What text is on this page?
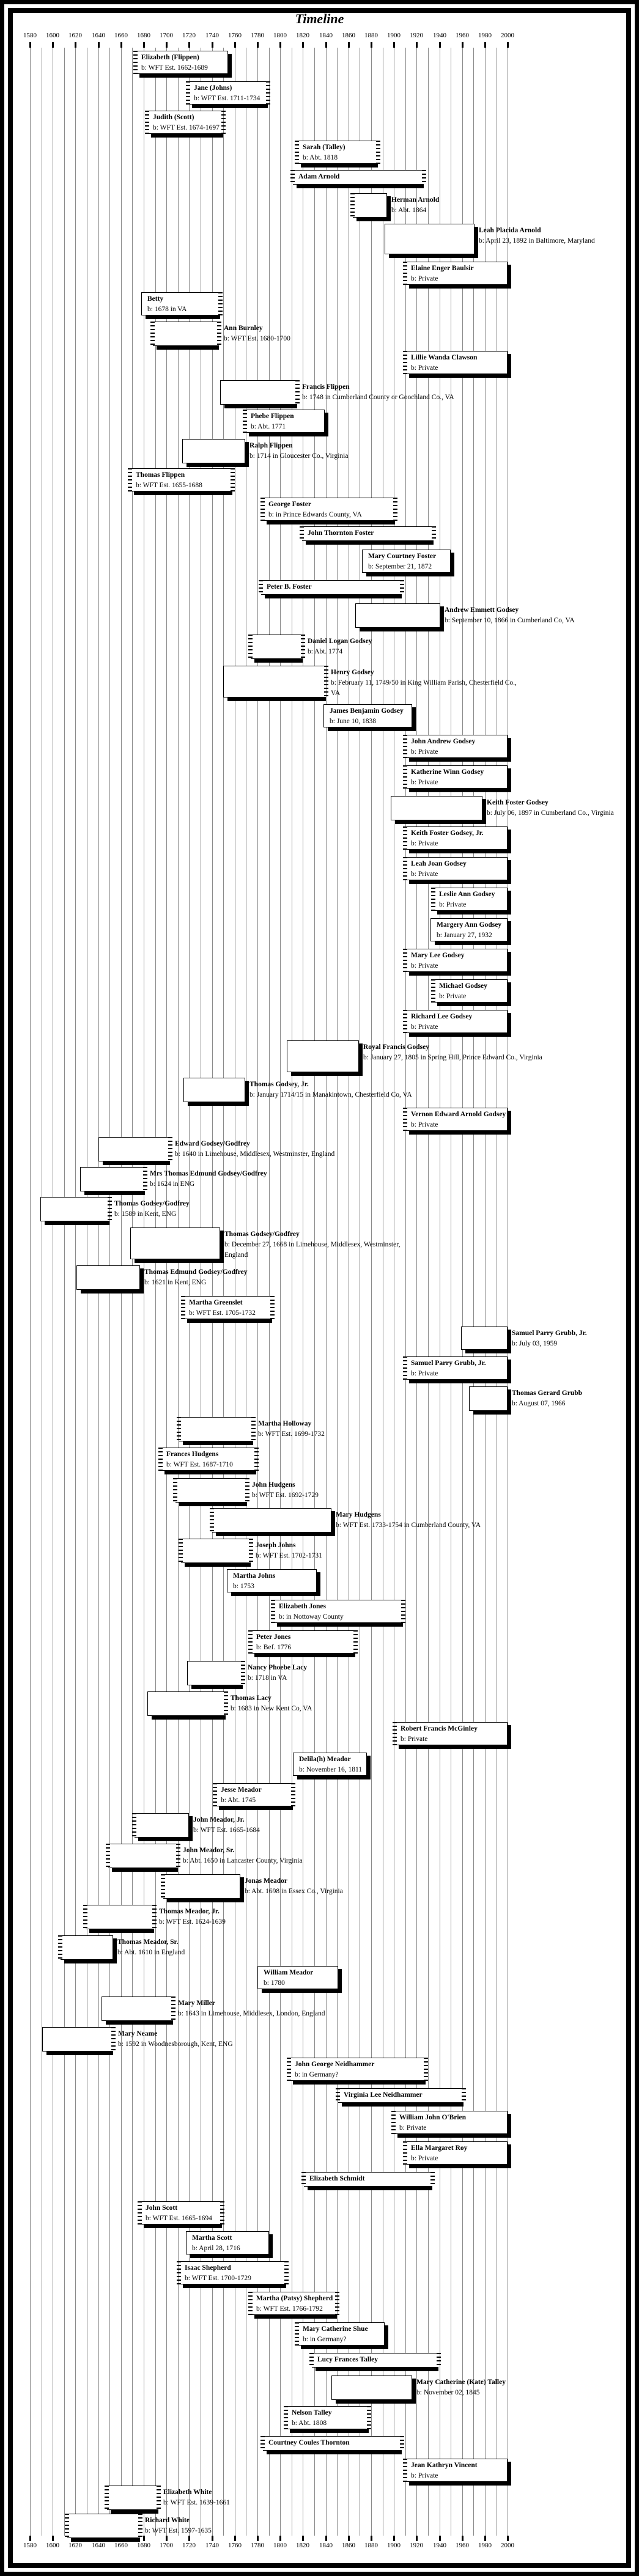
1580
1580
1600
1600
1620
1620
1640
1640
1660
1660
1680
1680
1700
1700
1720
1720
1740
1740
1760
1760
1780
1780
1800
1800
1820
1820
1840
1840
1860
1860
1880
1880
1900
1900
1920
1920
1940
1940
1960
1960
1980
1980
2000
2000
Elizabeth (Flippen)
b: WFT Est. 1662-1689
Jane (Johns)
b: WFT Est. 1711-1734
Judith (Scott)
b: WFT Est. 1674-1697
Sarah (Talley)
b: Abt. 1818
Adam Arnold
Herman Arnold
b: Abt. 1864
Leah Placida Arnold
b: April 23, 1892 in Baltimore, Maryland
Elaine Enger Baulsir
b: Private
Betty
b: 1678 in VA
Ann Burnley
b: WFT Est. 1680-1700
Lillie Wanda Clawson
b: Private
Francis Flippen
b: 1748 in Cumberland County or Goochland Co., VA
Phebe Flippen
b: Abt. 1771
Ralph Flippen
b: 1714 in Gloucester Co., Virginia
Thomas Flippen
b: WFT Est. 1655-1688
George Foster
b: in Prince Edwards County, VA
John Thornton Foster
Mary Courtney Foster
b: September 21, 1872
Peter B. Foster
Andrew Emmett Godsey
b: September 10, 1866 in Cumberland Co, VA
Daniel Logan Godsey
b: Abt. 1774
Henry Godsey
b: February 11, 1749/50 in King William Parish, Chesterfield Co., VA
James Benjamin Godsey
b: June 10, 1838
John Andrew Godsey
b: Private
Katherine Winn Godsey
b: Private
Keith Foster Godsey
b: July 06, 1897 in Cumberland Co., Virginia
Keith Foster Godsey, Jr.
b: Private
Leah Joan Godsey
b: Private
Leslie Ann Godsey
b: Private
Margery Ann Godsey
b: January 27, 1932
Mary Lee Godsey
b: Private
Michael Godsey
b: Private
Richard Lee Godsey
b: Private
Royal Francis Godsey
b: January 27, 1805 in Spring Hill, Prince Edward Co., Virginia
Thomas Godsey, Jr.
b: January 1714/15 in Manakintown, Chesterfield Co, VA
Vernon Edward Arnold Godsey
b: Private
Edward Godsey/Godfrey
b: 1640 in Limehouse, Middlesex, Westminster, England
Mrs Thomas Edmund Godsey/Godfrey
b: 1624 in ENG
Thomas Godsey/Godfrey
b: 1589 in Kent, ENG
Thomas Godsey/Godfrey
b: December 27, 1668 in Limehouse, Middlesex, Westminster, England
Thomas Edmund Godsey/Godfrey
b: 1621 in Kent, ENG
Martha Greenslet
b: WFT Est. 1705-1732
Samuel Parry Grubb, Jr.
b: July 03, 1959
Samuel Parry Grubb, Jr.
b: Private
Thomas Gerard Grubb
b: August 07, 1966
Martha Holloway
b: WFT Est. 1699-1732
Frances Hudgens
b: WFT Est. 1687-1710
John Hudgens
b: WFT Est. 1692-1729
Mary Hudgens
b: WFT Est. 1733-1754 in Cumberland County, VA
Joseph Johns
b: WFT Est. 1702-1731
Martha Johns
b: 1753
Elizabeth Jones
b: in Nottoway County
Peter Jones
b: Bef. 1776
Nancy Phoebe Lacy
b: 1718 in VA
Thomas Lacy
b: 1683 in New Kent Co, VA
Robert Francis McGinley
b: Private
Delila(h) Meador
b: November 16, 1811
Jesse Meador
b: Abt. 1745
John Meador, Jr.
b: WFT Est. 1665-1684
John Meador, Sr.
b: Abt. 1650 in Lancaster County, Virginia
Jonas Meador
b: Abt. 1698 in Essex Co., Virginia
Thomas Meador, Jr.
b: WFT Est. 1624-1639
Thomas Meador, Sr.
b: Abt. 1610 in England
William Meador
b: 1780
Mary Miller
b: 1643 in Limehouse, Middlesex, London, England
Mary Neame
b: 1592 in Woodnesborough, Kent, ENG
John George Neidhammer
b: in Germany?
Virginia Lee Neidhammer
William John O'Brien
b: Private
Ella Margaret Roy
b: Private
Elizabeth Schmidt
John Scott
b: WFT Est. 1665-1694
Martha Scott
b: April 28, 1716
Isaac Shepherd
b: WFT Est. 1700-1729
Martha (Patsy) Shepherd
b: WFT Est. 1766-1792
Mary Catherine Shue
b: in Germany?
Lucy Frances Talley
Mary Catherine (Kate) Talley
b: November 02, 1845
Nelson Talley
b: Abt. 1808
Courtney Coules Thornton
Jean Kathryn Vincent
b: Private
Elizabeth White
b: WFT Est. 1639-1661
Richard White
b: WFT Est. 1597-1635
Timeline
